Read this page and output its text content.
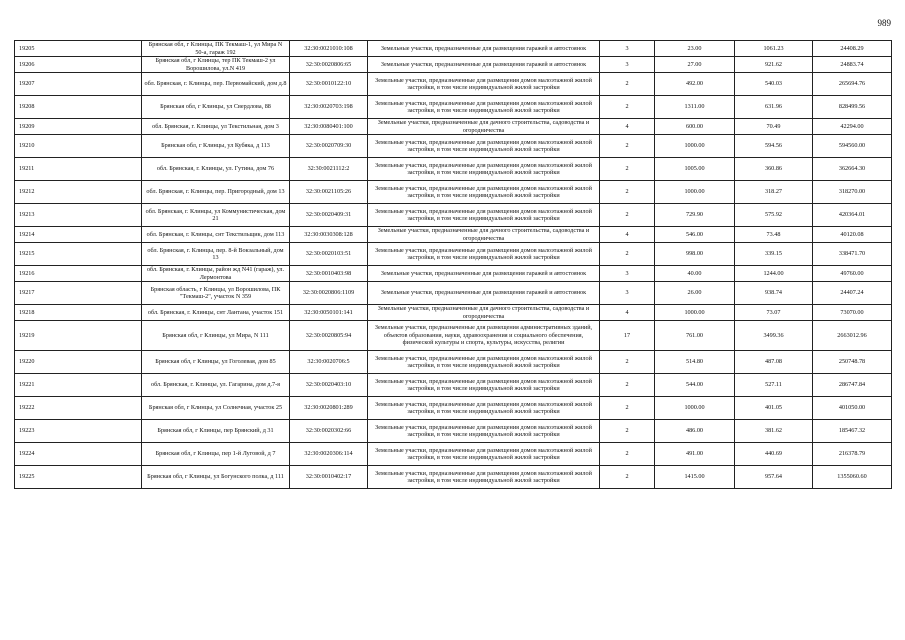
989
19205		Брянская обл, г Клинцы, ПК Текмаш-1, ул Мира N 50-а, гараж 192	32:30:0021010:108	Земельные участки, предназначенные для размещения гаражей и автостоянок	3	23.00	1061.23	24408.29
19206		Брянская обл, г Клинцы, тер ПК Текмаш-2 ул Ворошилова, ул.N 419	32:30:0020806:65	Земельные участки, предназначенные для размещения гаражей и автостоянок	3	27.00	921.62	24883.74
19207		обл. Брянская, г. Клинцы, пер. Первомайский, дом д.8	32:30:0010122:10	Земельные участки, предназначенные для размещения домов малоэтажной жилой застройки, в том числе индивидуальной жилой застройки	2	492.00	540.03	265694.76
19208		Брянская обл, г Клинцы, ул Свердлова, 88	32:30:0020703:198	Земельные участки, предназначенные для размещения домов малоэтажной жилой застройки, в том числе индивидуальной жилой застройки	2	1311.00	631.96	828499.56
19209		обл. Брянская, г. Клинцы, ул Текстильная, дом 3	32:30:0080401:100	Земельные участки, предназначенные для дачного строительства, садоводства и огородничества	4	600.00	70.49	42294.00
19210		Брянская обл, г Клинцы, ул Кубяка, д 113	32:30:0020709:30	Земельные участки, предназначенные для размещения домов малоэтажной жилой застройки, в том числе индивидуальной жилой застройки	2	1000.00	594.56	594560.00
19211		обл. Брянская, г. Клинцы, ул. Гутина, дом 76	32:30:0021112:2	Земельные участки, предназначенные для размещения домов малоэтажной жилой застройки, в том числе индивидуальной жилой застройки	2	1005.00	360.86	362664.30
19212		обл. Брянская, г. Клинцы, пер. Пригородный, дом 13	32:30:0021105:26	Земельные участки, предназначенные для размещения домов малоэтажной жилой застройки, в том числе индивидуальной жилой застройки	2	1000.00	318.27	318270.00
19213		обл. Брянская, г. Клинцы, ул Коммунистическая, дом 21	32:30:0020409:31	Земельные участки, предназначенные для размещения домов малоэтажной жилой застройки, в том числе индивидуальной жилой застройки	2	729.90	575.92	420364.01
19214		обл. Брянская, г. Клинцы, снт Текстильщик, дом 113	32:30:0030308:128	Земельные участки, предназначенные для дачного строительства, садоводства и огородничества	4	546.00	73.48	40120.08
19215		обл. Брянская, г. Клинцы, пер. 8-й Вокзальный, дом 13	32:30:0020103:51	Земельные участки, предназначенные для размещения домов малоэтажной жилой застройки, в том числе индивидуальной жилой застройки	2	998.00	339.15	338471.70
19216		обл. Брянская, г. Клинцы, район жд N41 (гараж), ул. Лермонтова	32:30:0010403:98	Земельные участки, предназначенные для размещения гаражей и автостоянок	3	40.00	1244.00	49760.00
19217		Брянская область, г Клинцы, ул Ворошилова, ПК "Текмаш-2", участок N 359	32:30:0020806:1109	Земельные участки, предназначенные для размещения гаражей и автостоянок	3	26.00	938.74	24407.24
19218		обл. Брянская, г. Клинцы, снт Лантана, участок 151	32:30:0050101:141	Земельные участки, предназначенные для дачного строительства, садоводства и огородничества	4	1000.00	73.07	73070.00
19219		Брянская обл, г Клинцы, ул Мира, N 111	32:30:0020805:94	Земельные участки, предназначенные для размещения административных зданий, объектов образования, науки, здравоохранения и социального обеспечения, физической культуры и спорта, культуры, искусства, религии	17	761.00	3499.36	2663012.96
19220		Брянская обл, г Клинцы, ул Гоголевая, дом 85	32:30:0020706:5	Земельные участки, предназначенные для размещения домов малоэтажной жилой застройки, в том числе индивидуальной жилой застройки	2	514.80	487.08	250748.78
19221		обл. Брянская, г. Клинцы, ул. Гагарина, дом д.7-я	32:30:0020403:10	Земельные участки, предназначенные для размещения домов малоэтажной жилой застройки, в том числе индивидуальной жилой застройки	2	544.00	527.11	286747.84
19222		Брянская обл, г Клинцы, ул Солнечная, участок 25	32:30:0020801:289	Земельные участки, предназначенные для размещения домов малоэтажной жилой застройки, в том числе индивидуальной жилой застройки	2	1000.00	401.05	401050.00
19223		Брянская обл, г Клинцы, пер Брянский, д 31	32:30:0020302:66	Земельные участки, предназначенные для размещения домов малоэтажной жилой застройки, в том числе индивидуальной жилой застройки	2	486.00	381.62	185467.32
19224		Брянская обл, г Клинцы, пер 1-й Луговой, д 7	32:30:0020306:114	Земельные участки, предназначенные для размещения домов малоэтажной жилой застройки, в том числе индивидуальной жилой застройки	2	491.00	440.69	216378.79
19225		Брянская обл, г Клинцы, ул Богунского полка, д 111	32:30:0010402:17	Земельные участки, предназначенные для размещения домов малоэтажной жилой застройки, в том числе индивидуальной жилой застройки	2	1415.00	957.64	1355060.60
